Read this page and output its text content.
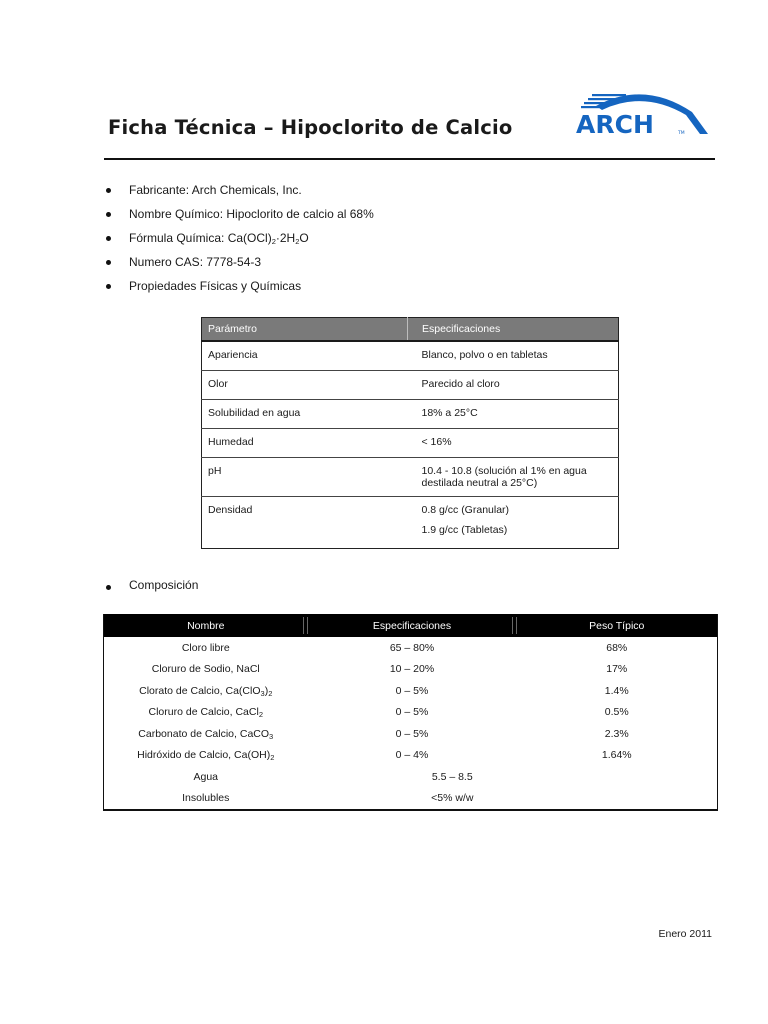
Ficha Técnica – Hipoclorito de Calcio	ARCH	TM
Fabricante: Arch Chemicals, Inc.
Nombre Químico: Hipoclorito de calcio al 68%
Fórmula Química: $Ca(OCl)_2\cdot 2H_2O$
Numero CAS: 7778-54-3
Propiedades Físicas y Químicas
Parámetro	Especificaciones
Apariencia	Blanco, polvo o en tabletas
Olor	Parecido al cloro
Solubilidad en agua	18% a 25°C
Humedad	< 16%
pH	10.4 - 10.8 (solución al 1% en agua
destilada neutral a 25°C)

Densidad	0.8 g/cc (Granular)
1.9 g/cc (Tabletas)
Composición
Nombre	Especificaciones	Peso Típico
Cloro libre	65 – 80%	68%
Cloruro de Sodio, NaCl	10 – 20%	17%
Clorato de Calcio, $Ca(ClO_3)_2$	0 – 5%	1.4%
Cloruro de Calcio, CaCl$_2$	0 – 5%	0.5%
Carbonato de Calcio, CaCO$_3$	0 – 5%	2.3%
Hidróxido de Calcio, $Ca(OH)_2$	0 – 4%	1.64%
Agua	5.5 – 8.5	
Insolubles	<5% w/w	
Enero 2011
